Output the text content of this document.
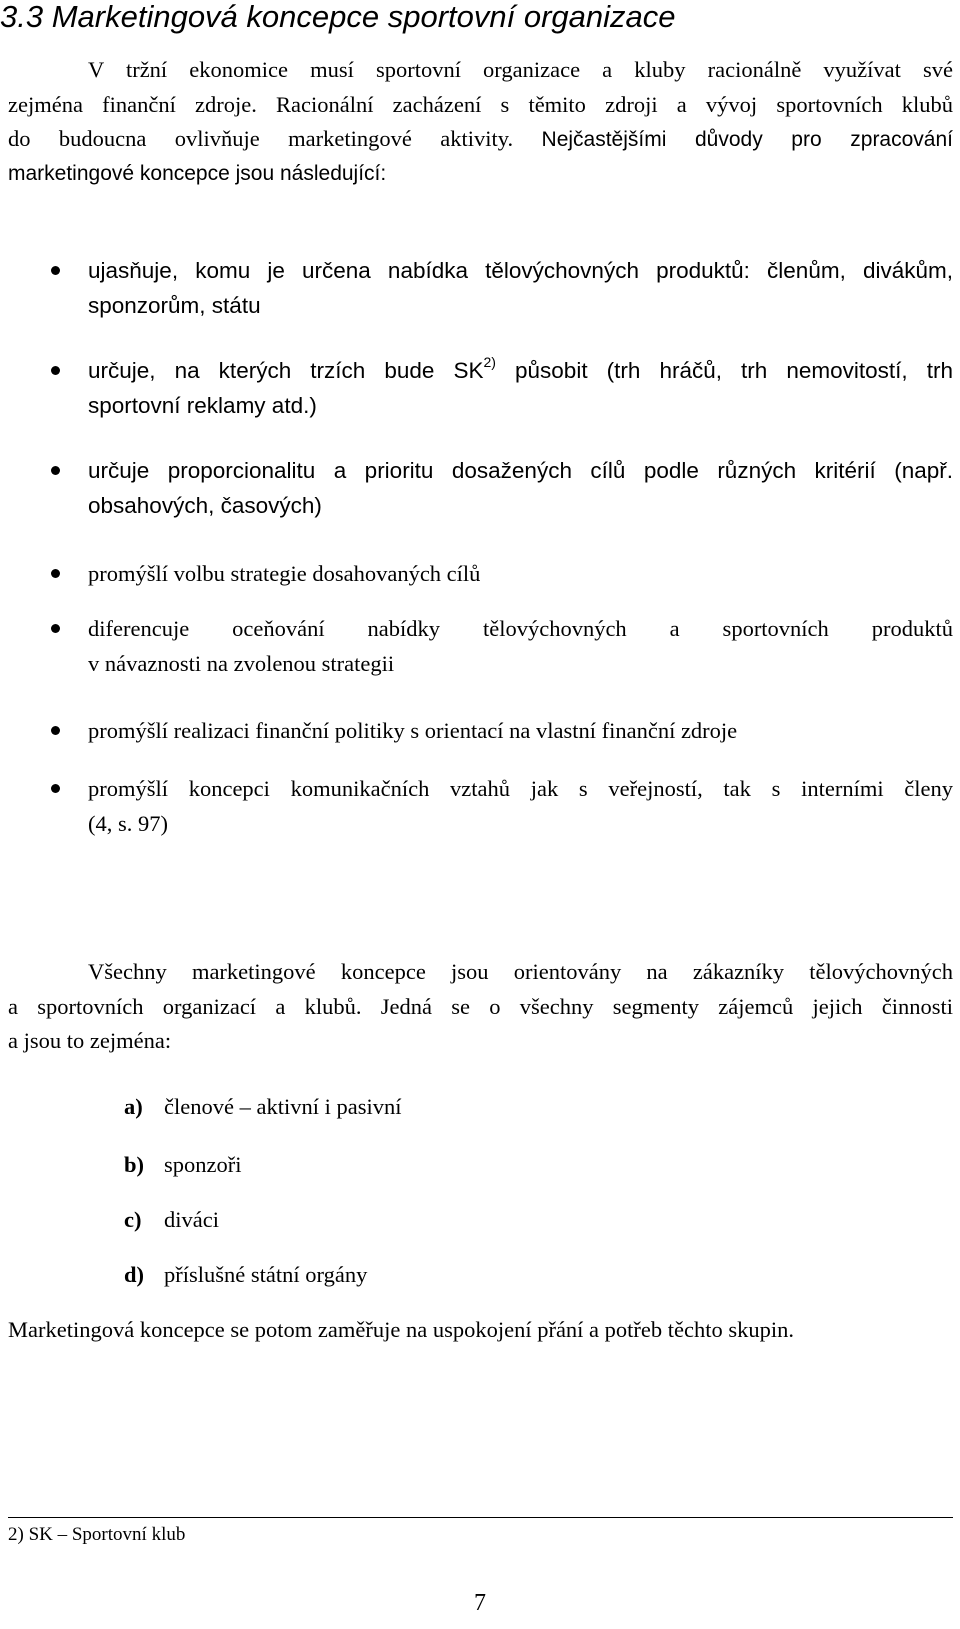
3.3 Marketingová koncepce sportovní organizace
V tržní ekonomice musí sportovní organizace a kluby racionálně využívat své
zejména finanční zdroje. Racionální zacházení s těmito zdroji a vývoj sportovních klubů
do budoucna ovlivňuje marketingové aktivity. Nejčastějšími důvody pro zpracování
marketingové koncepce jsou následující:
ujasňuje, komu je určena nabídka tělovýchovných produktů: členům, divákům,
sponzorům, státu
určuje, na kterých trzích bude SK$^{2)}$ působit (trh hráčů, trh nemovitostí, trh
sportovní reklamy atd.)
určuje proporcionalitu a prioritu dosažených cílů podle různých kritérií (např.
obsahových, časových)
promýšlí volbu strategie dosahovaných cílů
diferencuje oceňování nabídky tělovýchovných a sportovních produktů
v návaznosti na zvolenou strategii
promýšlí realizaci finanční politiky s orientací na vlastní finanční zdroje
promýšlí koncepci komunikačních vztahů jak s veřejností, tak s interními členy
(4, s. 97)
Všechny marketingové koncepce jsou orientovány na zákazníky tělovýchovných
a sportovních organizací a klubů. Jedná se o všechny segmenty zájemců jejich činnosti
a jsou to zejména:
a) členové – aktivní i pasivní
b) sponzoři
c) diváci
d) příslušné státní orgány
Marketingová koncepce se potom zaměřuje na uspokojení přání a potřeb těchto skupin.
2) SK – Sportovní klub
7
